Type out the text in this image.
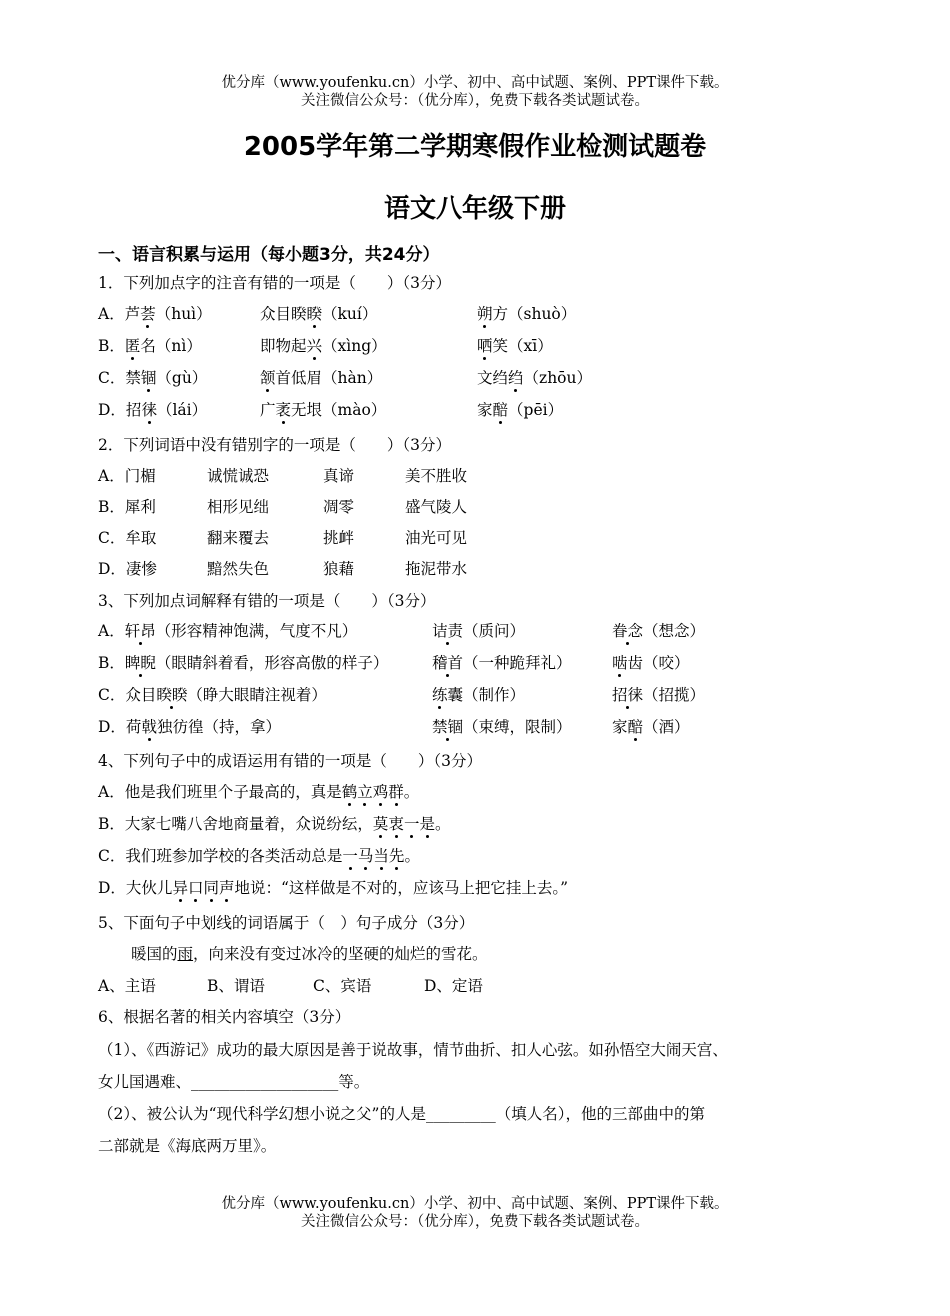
优分库（www.youfenku.cn）小学、初中、高中试题、案例、PPT课件下载。
关注微信公众号：（优分库），免费下载各类试题试卷。
2005学年第二学期寒假作业检测试题卷
语文八年级下册
一、语言积累与运用（每小题3分，共24分）
1．下列加点字的注音有错的一项是（　　）（3分）
A．芦荟（huì）	众目睽睽（kuí）	朔方（shuò）
B．匿名（nì）	即物起兴（xìng）	哂笑（xī）
C．禁锢（gù）	颔首低眉（hàn）	文绉绉（zhōu）
D．招徕（lái）	广袤无垠（mào）	家醅（pēi）
2．下列词语中没有错别字的一项是（　　）（3分）
A．门楣	诚慌诚恐	真谛	美不胜收
B．犀利	相形见绌	凋零	盛气陵人
C．牟取	翻来覆去	挑衅	油光可见
D．凄惨	黯然失色	狼藉	拖泥带水
3、下列加点词解释有错的一项是（　　）（3分）
A．轩昂（形容精神饱满，气度不凡）	诘责（质问）	眷念（想念）
B．睥睨（眼睛斜着看，形容高傲的样子）	稽首（一种跪拜礼）	啮齿（咬）
C．众目睽睽（睁大眼睛注视着）	练囊（制作）	招徕（招揽）
D．荷戟独彷徨（持，拿）	禁锢（束缚，限制）	家醅（酒）
4、下列句子中的成语运用有错的一项是（　　）（3分）
A．他是我们班里个子最高的，真是鹤立鸡群。
B．大家七嘴八舍地商量着，众说纷纭，莫衷一是。
C．我们班参加学校的各类活动总是一马当先。
D．大伙儿异口同声地说：“这样做是不对的，应该马上把它挂上去。”
5、下面句子中划线的词语属于（　）句子成分（3分）
暖国的雨，向来没有变过冰冷的坚硬的灿烂的雪花。
A、主语	B、谓语	C、宾语	D、定语
6、根据名著的相关内容填空（3分）
（1）、《西游记》成功的最大原因是善于说故事，情节曲折、扣人心弦。如孙悟空大闹天宫、
女儿国遇难、___________________等。
（2）、被公认为“现代科学幻想小说之父”的人是_________（填人名），他的三部曲中的第
二部就是《海底两万里》。
优分库（www.youfenku.cn）小学、初中、高中试题、案例、PPT课件下载。
关注微信公众号：（优分库），免费下载各类试题试卷。
